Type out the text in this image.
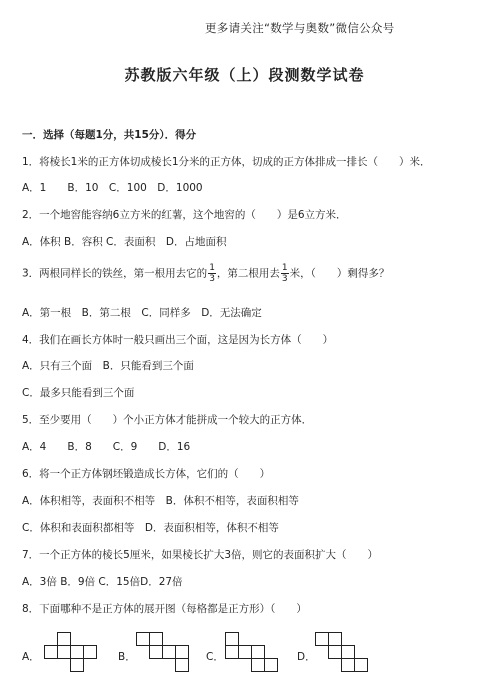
更多请关注“数学与奥数”微信公众号
苏教版六年级（上）段测数学试卷
一．选择（每题1分，共15分）．得分
1．将棱长1米的正方体切成棱长1分米的正方体，切成的正方体排成一排长（　　）米．
A．1　　B．10　C．100　D．1000
2．一个地窖能容纳6立方米的红薯，这个地窖的（　　）是6立方米．
A．体积 B．容积 C．表面积　D．占地面积
3．两根同样长的铁丝，第一根用去它的 $\frac{1}{3}$ ，第二根用去 $\frac{1}{3}$ 米，（　　）剩得多？
A．第一根　B．第二根　C．同样多　D．无法确定
4．我们在画长方体时一般只画出三个面，这是因为长方体（　　）
A．只有三个面　B．只能看到三个面
C．最多只能看到三个面
5．至少要用（　　）个小正方体才能拼成一个较大的正方体．
A．4　　B．8　　C．9　　D．16
6．将一个正方体钢坯锻造成长方体，它们的（　　）
A．体积相等，表面积不相等　B．体积不相等，表面积相等
C．体积和表面积都相等　D．表面积相等，体积不相等
7．一个正方体的棱长5厘米，如果棱长扩大3倍，则它的表面积扩大（　　）
A．3倍 B．9倍 C．15倍D．27倍
8．下面哪种不是正方体的展开图（每格都是正方形）（　　）
A．	B．	C．	D．
